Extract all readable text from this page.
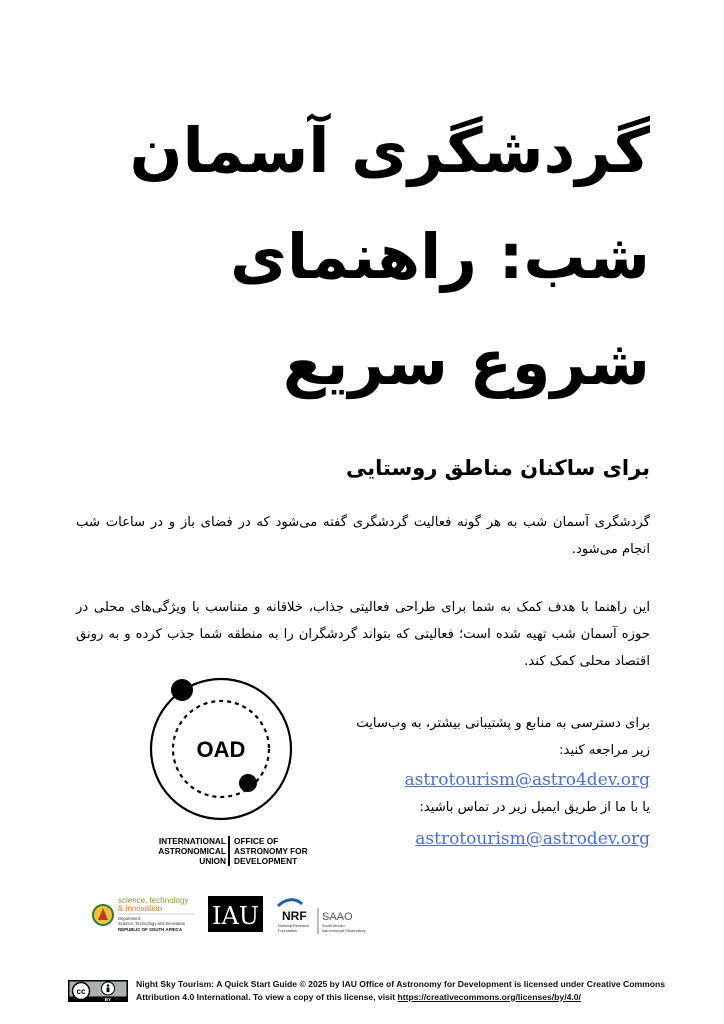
گردشگری آسمان
شب: راهنمای
شروع سریع
برای ساکنان مناطق روستایی
گردشگری آسمان شب به هر گونه فعالیت گردشگری گفته می‌شود که در فضای باز و در ساعات شب انجام می‌شود.
این راهنما با هدف کمک به شما برای طراحی فعالیتی جذاب، خلاقانه و متناسب با ویژگی‌های محلی در حوزه آسمان شب تهیه شده است؛ فعالیتی که بتواند گردشگران را به منطقه شما جذب کرده و به رونق اقتصاد محلی کمک کند.
برای دسترسی به منابع و پشتیبانی بیشتر، به وب‌سایت زیر مراجعه کنید:
astrotourism@astro4dev.org
یا با ما از طریق ایمیل زیر در تماس باشید:
astrotourism@astrodev.org
OAD
INTERNATIONAL
ASTRONOMICAL
UNION
OFFICE OF
ASTRONOMY FOR
DEVELOPMENT
science, technology
& innovation
Department:
Science, Technology and Innovation
REPUBLIC OF SOUTH AFRICA IAU NRF
National Research
Foundation
SAAO
South African
Astronomical Observatory
cc
BY
Night Sky Tourism: A Quick Start Guide © 2025 by IAU Office of Astronomy for Development is licensed under Creative Commons Attribution 4.0 International. To view a copy of this license, visit https://creativecommons.org/licenses/by/4.0/
